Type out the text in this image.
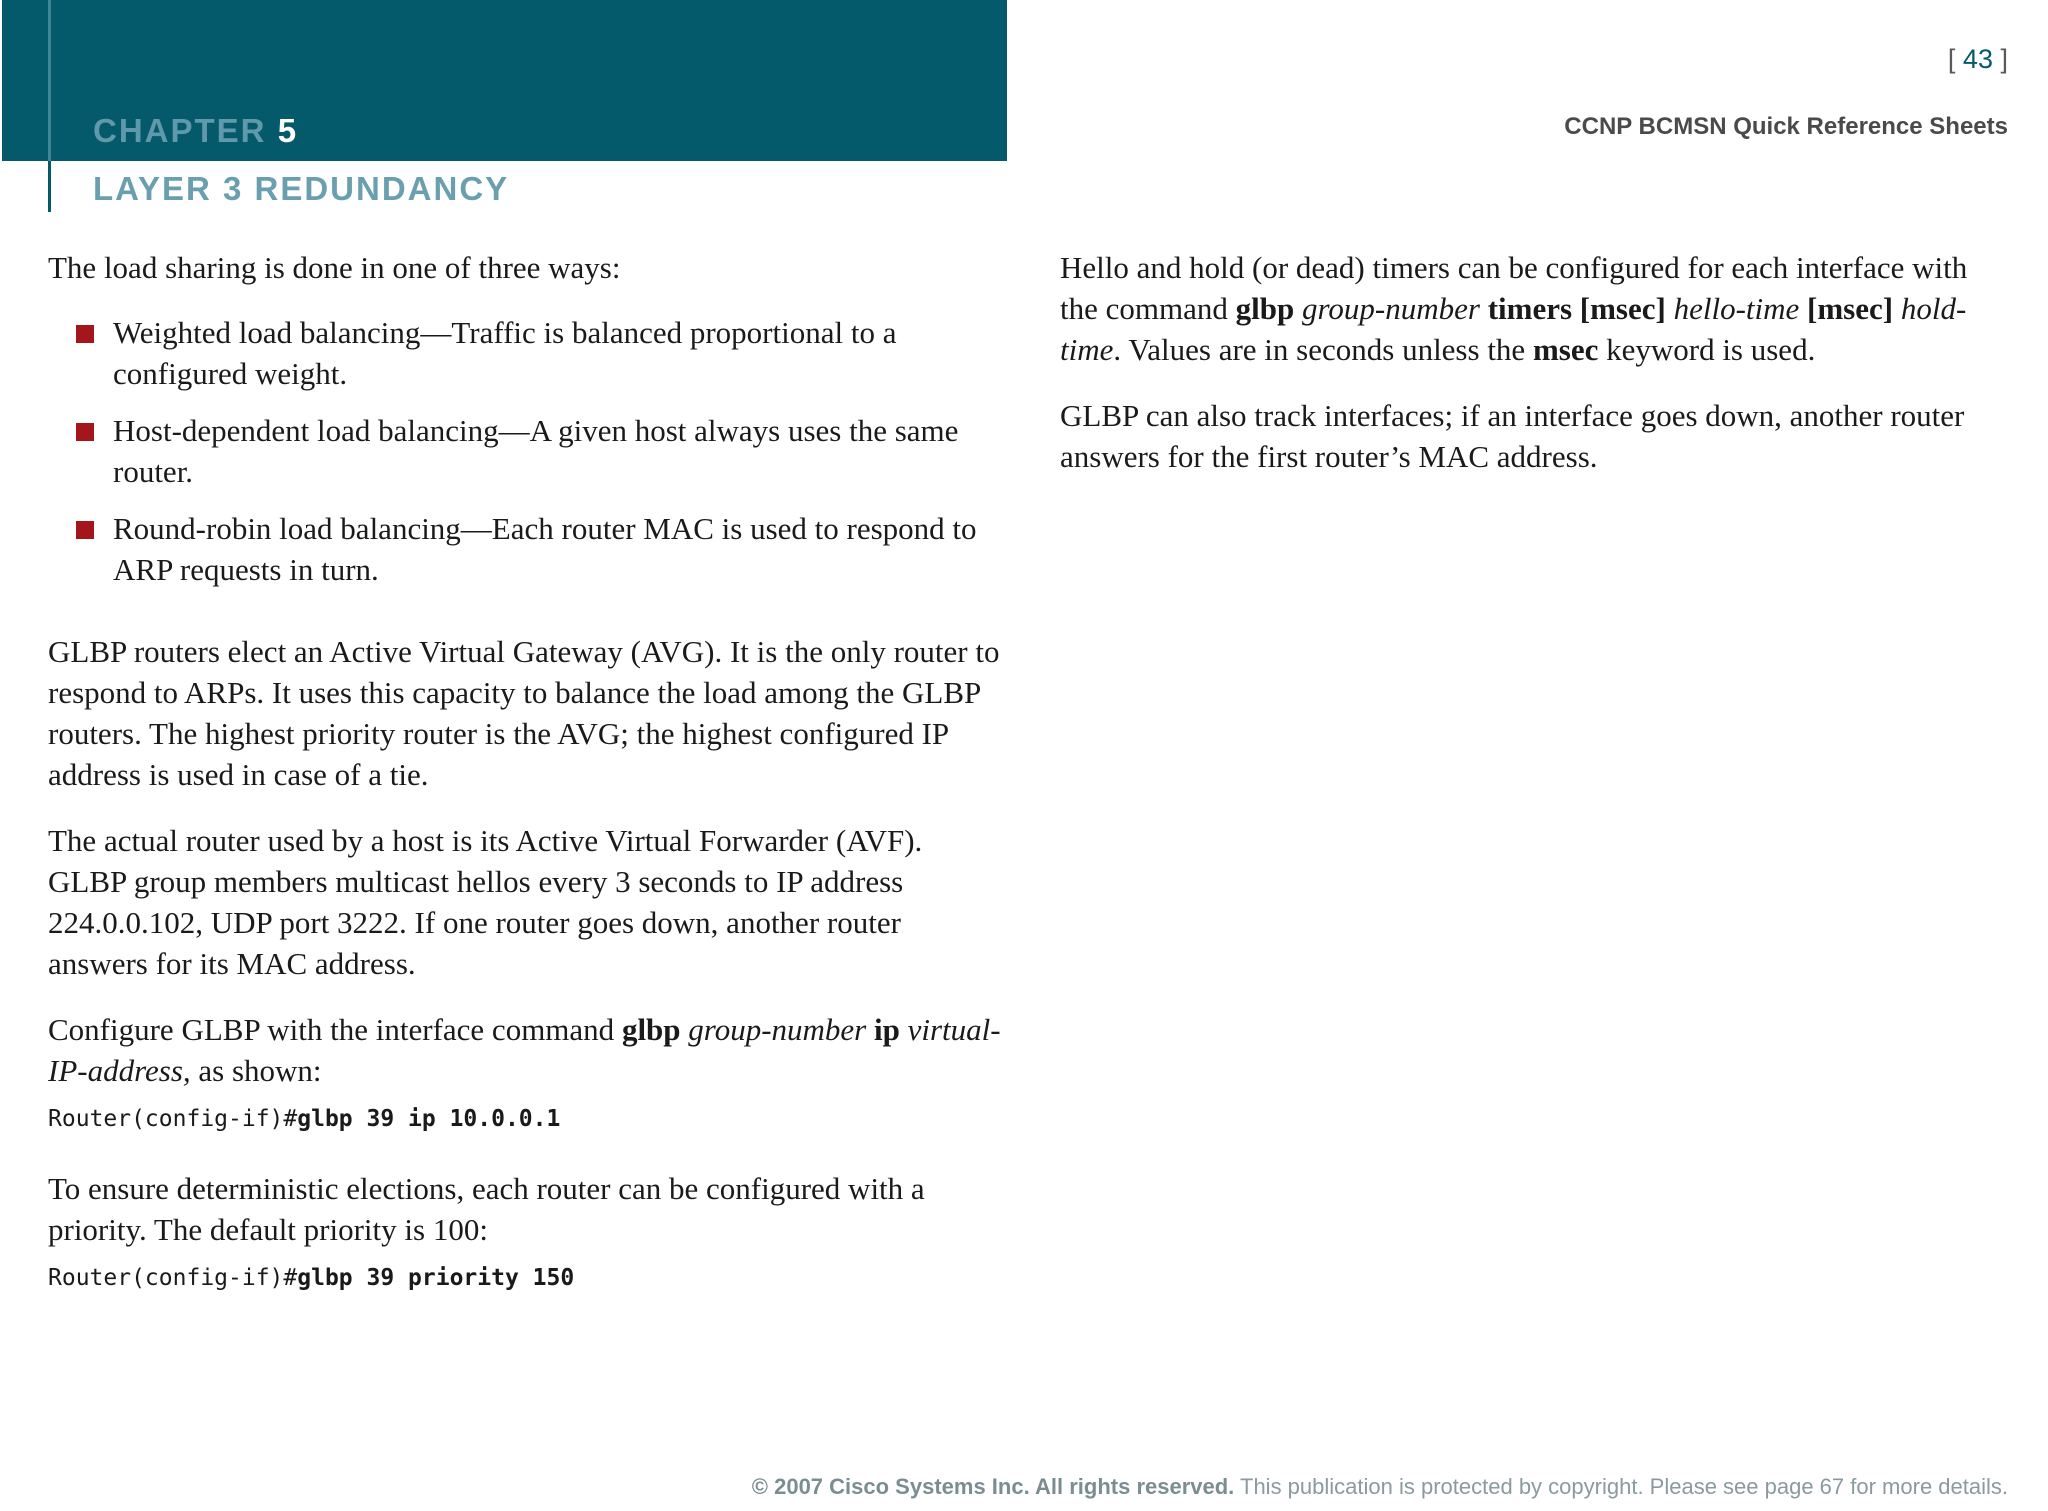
CHAPTER 5
LAYER 3 REDUNDANCY
[ 43 ]
CCNP BCMSN Quick Reference Sheets

The load sharing is done in one of three ways:

Weighted load balancing—Traffic is balanced proportional to a configured weight.
Host-dependent load balancing—A given host always uses the same router.
Round-robin load balancing—Each router MAC is used to respond to ARP requests in turn.

GLBP routers elect an Active Virtual Gateway (AVG). It is the only router to respond to ARPs. It uses this capacity to balance the load among the GLBP routers. The highest priority router is the AVG; the highest configured IP address is used in case of a tie.

The actual router used by a host is its Active Virtual Forwarder (AVF). GLBP group members multicast hellos every 3 seconds to IP address 224.0.0.102, UDP port 3222. If one router goes down, another router answers for its MAC address.

Configure GLBP with the interface command glbp group-number ip virtual-IP-address, as shown:

Router(config-if)#glbp 39 ip 10.0.0.1

To ensure deterministic elections, each router can be configured with a priority. The default priority is 100:

Router(config-if)#glbp 39 priority 150

Hello and hold (or dead) timers can be configured for each interface with the command glbp group-number timers [msec] hello-time [msec] hold-time. Values are in seconds unless the msec keyword is used.

GLBP can also track interfaces; if an interface goes down, another router answers for the first router’s MAC address.

© 2007 Cisco Systems Inc. All rights reserved. This publication is protected by copyright. Please see page 67 for more details.
